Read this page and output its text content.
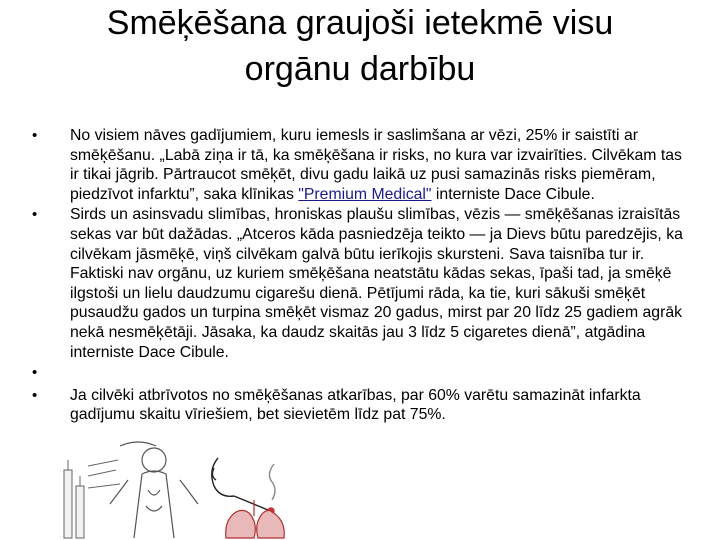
Smēķēšana graujoši ietekmē visu
orgānu darbību
• No visiem nāves gadījumiem, kuru iemesls ir saslimšana ar vēzi, 25% ir saistīti ar smēķēšanu. „Labā ziņa ir tā, ka smēķēšana ir risks, no kura var izvairīties. Cilvēkam tas ir tikai jāgrib. Pārtraucot smēķēt, divu gadu laikā uz pusi samazinās risks piemēram, piedzīvot infarktu”, saka klīnikas "Premium Medical" interniste Dace Cibule.
• Sirds un asinsvadu slimības, hroniskas plaušu slimības, vēzis — smēķēšanas izraisītās sekas var būt dažādas. „Atceros kāda pasniedzēja teikto — ja Dievs būtu paredzējis, ka cilvēkam jāsmēķē, viņš cilvēkam galvā būtu ierīkojis skursteni. Sava taisnība tur ir. Faktiski nav orgānu, uz kuriem smēķēšana neatstātu kādas sekas, īpaši tad, ja smēķē ilgstoši un lielu daudzumu cigarešu dienā. Pētījumi rāda, ka tie, kuri sākuši smēķēt pusaudžu gados un turpina smēķēt vismaz 20 gadus, mirst par 20 līdz 25 gadiem agrāk nekā nesmēķētāji. Jāsaka, ka daudz skaitās jau 3 līdz 5 cigaretes dienā”, atgādina interniste Dace Cibule.
•
• Ja cilvēki atbrīvotos no smēķēšanas atkarības, par 60% varētu samazināt infarkta gadījumu skaitu vīriešiem, bet sievietēm līdz pat 75%.
